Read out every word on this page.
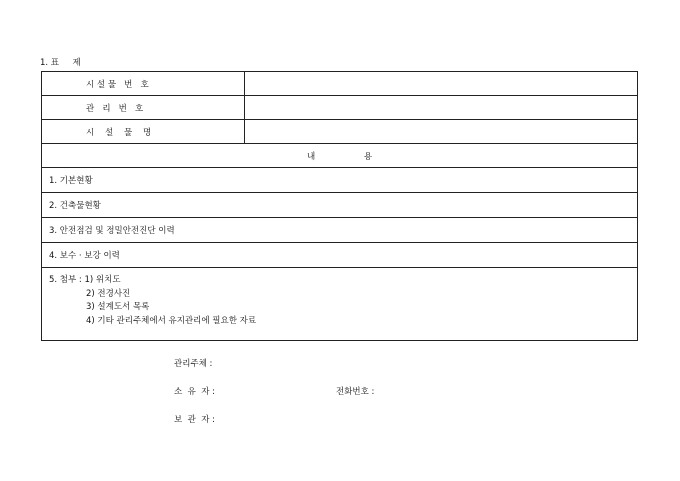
1. 표     제
시 설 물   번   호	
관   리   번   호	
시    설    물    명	
내                  용	
1. 기본현황	
2. 건축물현황	
3. 안전점검 및 정밀안전진단 이력	
4. 보수 · 보강 이력	

5. 첨부 : 1) 위치도
2) 전경사진
3) 설계도서 목록
4) 기타 관리주체에서 유지관리에 필요한 자료	
관리주체 :
소  유  자 :	전화번호 :
보  관  자 :
